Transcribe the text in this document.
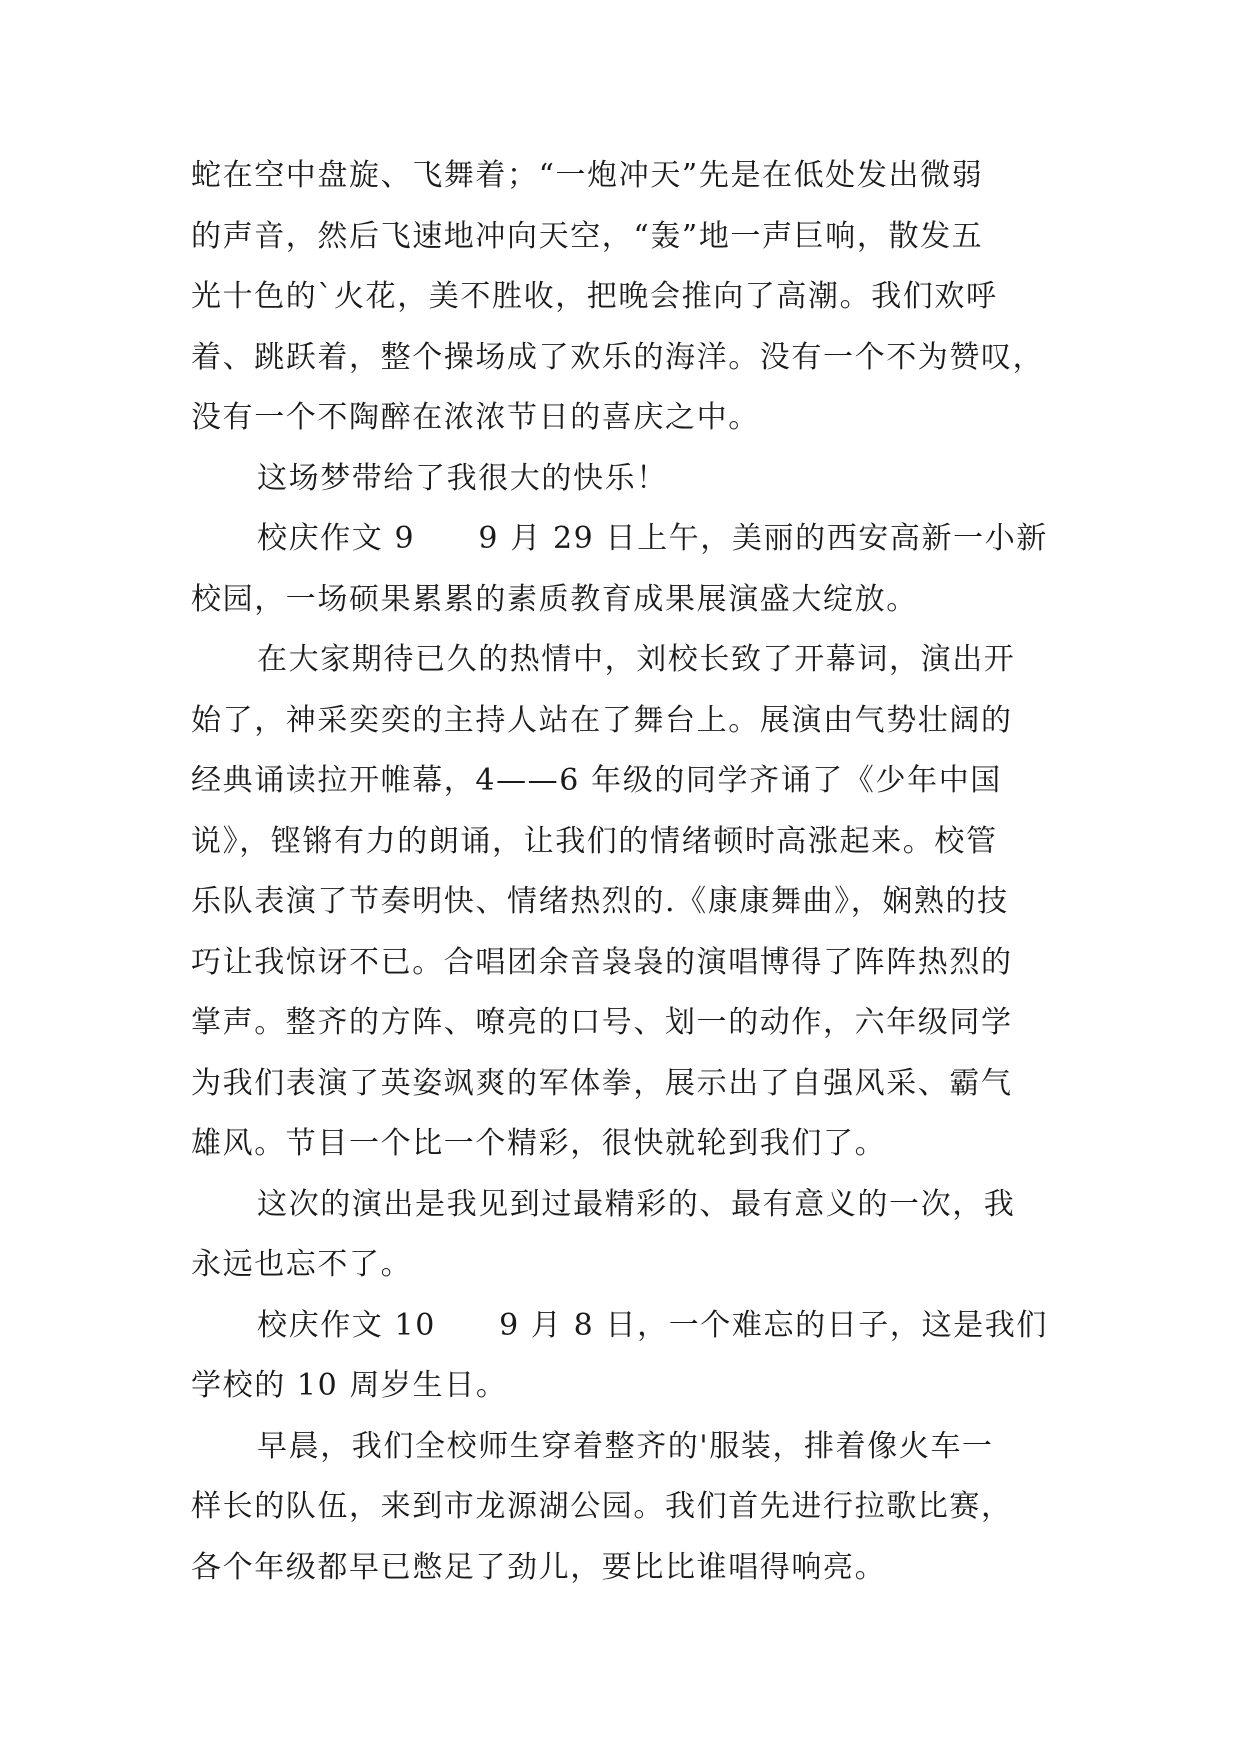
蛇在空中盘旋、飞舞着；“一炮冲天”先是在低处发出微弱
的声音，然后飞速地冲向天空，“轰”地一声巨响，散发五
光十色的`火花，美不胜收，把晚会推向了高潮。我们欢呼
着、跳跃着，整个操场成了欢乐的海洋。没有一个不为赞叹，
没有一个不陶醉在浓浓节日的喜庆之中。
这场梦带给了我很大的快乐！
校庆作文 9　　9 月 29 日上午，美丽的西安高新一小新
校园，一场硕果累累的素质教育成果展演盛大绽放。
在大家期待已久的热情中，刘校长致了开幕词，演出开
始了，神采奕奕的主持人站在了舞台上。展演由气势壮阔的
经典诵读拉开帷幕，4——6 年级的同学齐诵了《少年中国
说》，铿锵有力的朗诵，让我们的情绪顿时高涨起来。校管
乐队表演了节奏明快、情绪热烈的.《康康舞曲》，娴熟的技
巧让我惊讶不已。合唱团余音袅袅的演唱博得了阵阵热烈的
掌声。整齐的方阵、嘹亮的口号、划一的动作，六年级同学
为我们表演了英姿飒爽的军体拳，展示出了自强风采、霸气
雄风。节目一个比一个精彩，很快就轮到我们了。
这次的演出是我见到过最精彩的、最有意义的一次，我
永远也忘不了。
校庆作文 10　　9 月 8 日，一个难忘的日子，这是我们
学校的 10 周岁生日。
早晨，我们全校师生穿着整齐的'服装，排着像火车一
样长的队伍，来到市龙源湖公园。我们首先进行拉歌比赛，
各个年级都早已憋足了劲儿，要比比谁唱得响亮。
